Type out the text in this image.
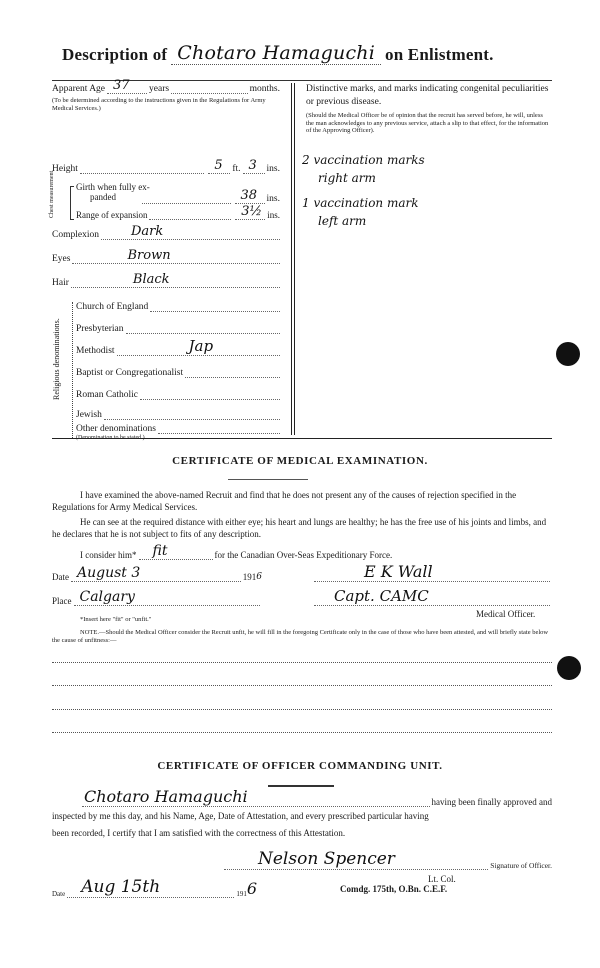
Description of Chotaro Hamaguchi on Enlistment.
Apparent Age 37 years	months.
(To be determined according to the instructions given in the Regulations for Army Medical Services.)
Height	5 ft. 3 ins.
Chest measurement Girth when fully ex-
panded	38 ins.
Range of expansion	3½ ins.
Complexion Dark
Eyes	Brown
Hair	Black
Religious denominations.
Church of England
Presbyterian
Methodist	Jap
Baptist or Congregationalist
Roman Catholic
Jewish
Other denominations
Distinctive marks, and marks indicating congenital peculiarities or previous disease.
(Should the Medical Officer be of opinion that the recruit has served before, he will, unless the man acknowledges to any previous service, attach a slip to that effect, for the information of the Approving Officer).
2 vaccination marks
right arm
1 vaccination mark
left arm
CERTIFICATE OF MEDICAL EXAMINATION.
I have examined the above-named Recruit and find that he does not present any of the causes of rejection specified in the Regulations for Army Medical Services.
He can see at the required distance with either eye; his heart and lungs are healthy; he has the free use of his joints and limbs, and he declares that he is not subject to fits of any description.
I consider him* fit	for the Canadian Over-Seas Expeditionary Force.
Date August 3	191 6	E K Wall
Place Calgary	Capt. CAMC
Medical Officer.
*Insert here "fit" or "unfit."
NOTE.—Should the Medical Officer consider the Recruit unfit, he will fill in the foregoing Certificate only in the case of those who have been attested, and will briefly state below the cause of unfitness:—
CERTIFICATE OF OFFICER COMMANDING UNIT.
Chotaro Hamaguchi	having been finally approved and
inspected by me this day, and his Name, Age, Date of Attestation, and every prescribed particular having
been recorded, I certify that I am satisfied with the correctness of this Attestation.
Nelson Spencer	Signature of Officer.
Lt. Col.
Comdg. 175th, O.Bn. C.E.F.
Date Aug 15th	191 6
